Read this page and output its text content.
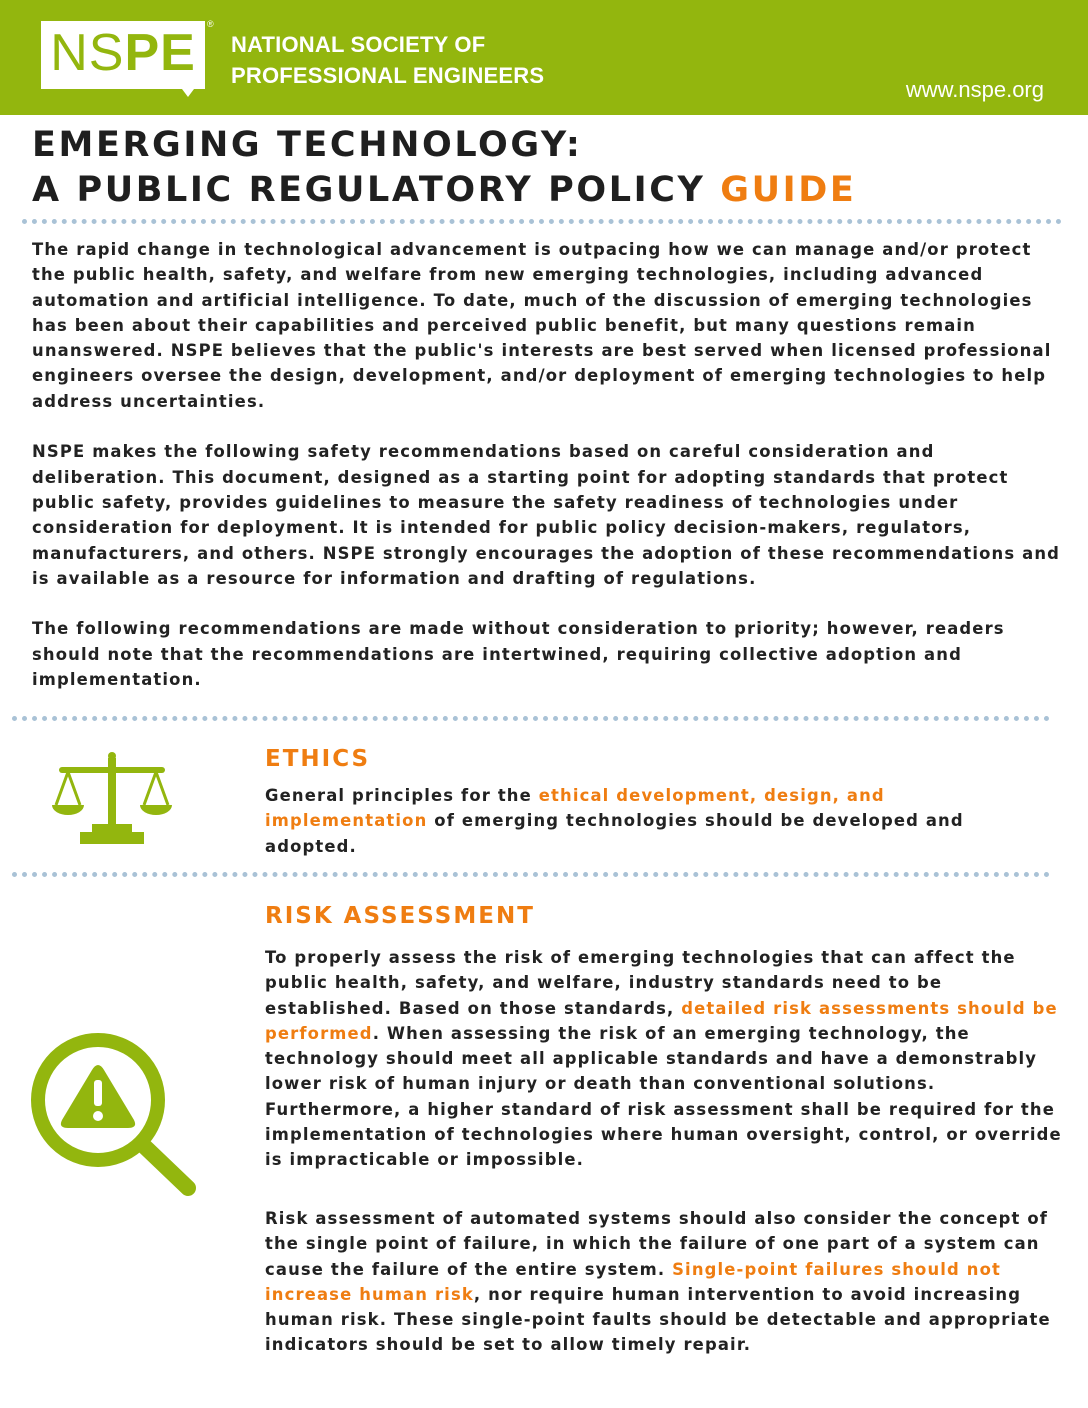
NSPE	®
NATIONAL SOCIETY OF
PROFESSIONAL ENGINEERS
www.nspe.org
EMERGING TECHNOLOGY:
A PUBLIC REGULATORY POLICY GUIDE

The rapid change in technological advancement is outpacing how we can manage and/or protect the public health, safety, and welfare from new emerging technologies, including advanced automation and artificial intelligence. To date, much of the discussion of emerging technologies has been about their capabilities and perceived public benefit, but many questions remain unanswered. NSPE believes that the public's interests are best served when licensed professional engineers oversee the design, development, and/or deployment of emerging technologies to help address uncertainties.

NSPE makes the following safety recommendations based on careful consideration and deliberation. This document, designed as a starting point for adopting standards that protect public safety, provides guidelines to measure the safety readiness of technologies under consideration for deployment. It is intended for public policy decision-makers, regulators, manufacturers, and others. NSPE strongly encourages the adoption of these recommendations and is available as a resource for information and drafting of regulations.

The following recommendations are made without consideration to priority; however, readers should note that the recommendations are intertwined, requiring collective adoption and implementation.

ETHICS

General principles for the ethical development, design, and implementation of emerging technologies should be developed and adopted.

RISK ASSESSMENT

To properly assess the risk of emerging technologies that can affect the public health, safety, and welfare, industry standards need to be established. Based on those standards, detailed risk assessments should be performed. When assessing the risk of an emerging technology, the technology should meet all applicable standards and have a demonstrably lower risk of human injury or death than conventional solutions. Furthermore, a higher standard of risk assessment shall be required for the implementation of technologies where human oversight, control, or override is impracticable or impossible.

Risk assessment of automated systems should also consider the concept of the single point of failure, in which the failure of one part of a system can cause the failure of the entire system. Single-point failures should not increase human risk, nor require human intervention to avoid increasing human risk. These single-point faults should be detectable and appropriate indicators should be set to allow timely repair.
